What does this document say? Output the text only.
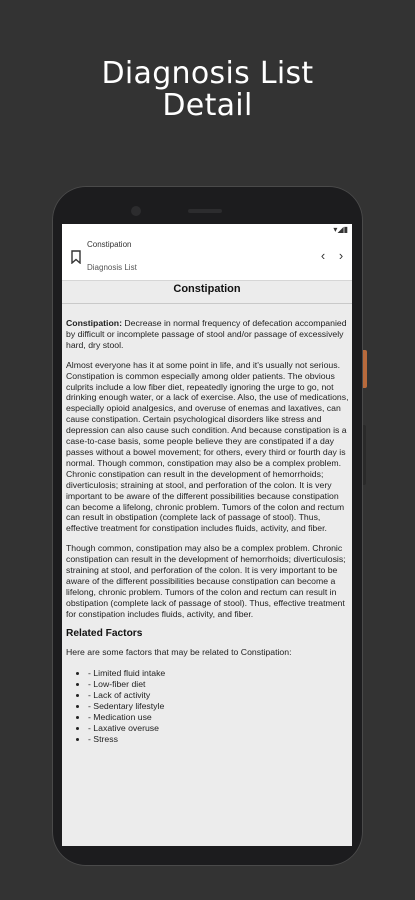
Diagnosis List
Detail
▾◢▮
Constipation
Diagnosis List
‹	›
Constipation

Constipation: Decrease in normal frequency of defecation accompanied by difficult or incomplete passage of stool and/or passage of excessively hard, dry stool.

Almost everyone has it at some point in life, and it's usually not serious. Constipation is common especially among older patients. The obvious culprits include a low fiber diet, repeatedly ignoring the urge to go, not drinking enough water, or a lack of exercise. Also, the use of medications, especially opioid analgesics, and overuse of enemas and laxatives, can cause constipation. Certain psychological disorders like stress and depression can also cause such condition. And because constipation is a case-to-case basis, some people believe they are constipated if a day passes without a bowel movement; for others, every third or fourth day is normal. Though common, constipation may also be a complex problem. Chronic constipation can result in the development of hemorrhoids; diverticulosis; straining at stool, and perforation of the colon. It is very important to be aware of the different possibilities because constipation can become a lifelong, chronic problem. Tumors of the colon and rectum can result in obstipation (complete lack of passage of stool). Thus, effective treatment for constipation includes fluids, activity, and fiber.

Though common, constipation may also be a complex problem. Chronic constipation can result in the development of hemorrhoids; diverticulosis; straining at stool, and perforation of the colon. It is very important to be aware of the different possibilities because constipation can become a lifelong, chronic problem. Tumors of the colon and rectum can result in obstipation (complete lack of passage of stool). Thus, effective treatment for constipation includes fluids, activity, and fiber.

Related Factors
Here are some factors that may be related to Constipation:
• - Limited fluid intake
• - Low-fiber diet
• - Lack of activity
• - Sedentary lifestyle
• - Medication use
• - Laxative overuse
• - Stress
